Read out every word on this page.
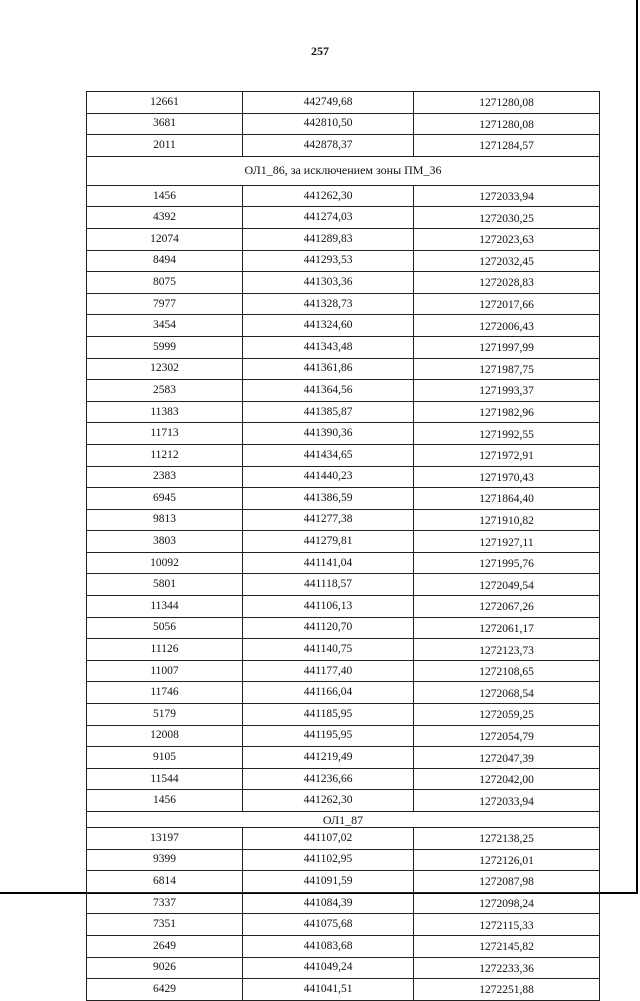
257
12661	442749,68	1271280,08
3681	442810,50	1271280,08
2011	442878,37	1271284,57
ОЛ1_86, за исключением зоны ПМ_36		
1456	441262,30	1272033,94
4392	441274,03	1272030,25
12074	441289,83	1272023,63
8494	441293,53	1272032,45
8075	441303,36	1272028,83
7977	441328,73	1272017,66
3454	441324,60	1272006,43
5999	441343,48	1271997,99
12302	441361,86	1271987,75
2583	441364,56	1271993,37
11383	441385,87	1271982,96
11713	441390,36	1271992,55
11212	441434,65	1271972,91
2383	441440,23	1271970,43
6945	441386,59	1271864,40
9813	441277,38	1271910,82
3803	441279,81	1271927,11
10092	441141,04	1271995,76
5801	441118,57	1272049,54
11344	441106,13	1272067,26
5056	441120,70	1272061,17
11126	441140,75	1272123,73
11007	441177,40	1272108,65
11746	441166,04	1272068,54
5179	441185,95	1272059,25
12008	441195,95	1272054,79
9105	441219,49	1272047,39
11544	441236,66	1272042,00
1456	441262,30	1272033,94
ОЛ1_87		
13197	441107,02	1272138,25
9399	441102,95	1272126,01
6814	441091,59	1272087,98
7337	441084,39	1272098,24
7351	441075,68	1272115,33
2649	441083,68	1272145,82
9026	441049,24	1272233,36
6429	441041,51	1272251,88
